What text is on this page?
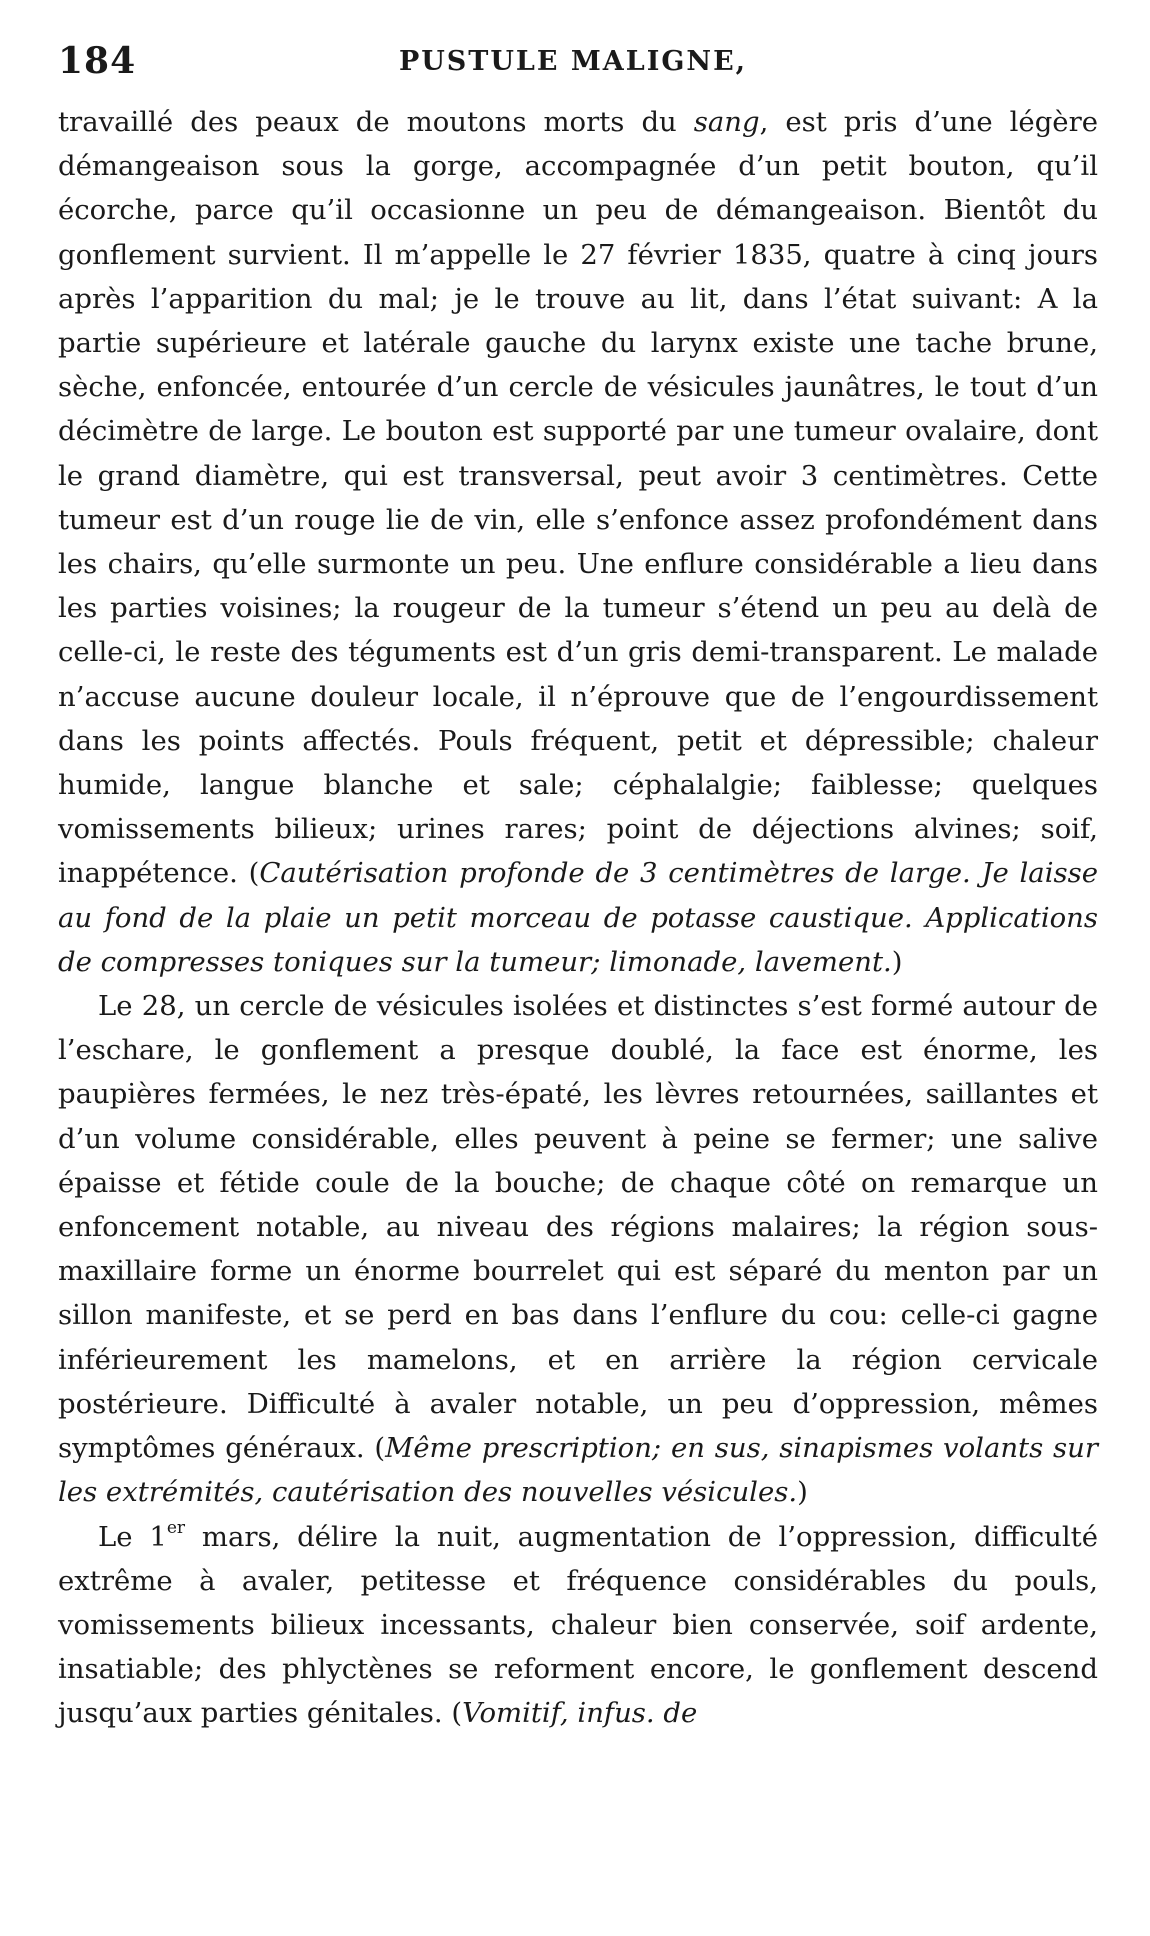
184	PUSTULE MALIGNE,

travaillé des peaux de moutons morts du sang, est pris d’une légère démangeaison sous la gorge, accompagnée d’un petit bouton, qu’il écorche, parce qu’il occasionne un peu de démangeaison. Bientôt du gonflement survient. Il m’appelle le 27 février 1835, quatre à cinq jours après l’apparition du mal; je le trouve au lit, dans l’état suivant: A la partie supérieure et latérale gauche du larynx existe une tache brune, sèche, enfoncée, entourée d’un cercle de vésicules jaunâtres, le tout d’un décimètre de large. Le bouton est supporté par une tumeur ovalaire, dont le grand diamètre, qui est transversal, peut avoir 3 centimètres. Cette tumeur est d’un rouge lie de vin, elle s’enfonce assez profondément dans les chairs, qu’elle surmonte un peu. Une enflure considérable a lieu dans les parties voisines; la rougeur de la tumeur s’étend un peu au delà de celle-ci, le reste des téguments est d’un gris demi-transparent. Le malade n’accuse aucune douleur locale, il n’éprouve que de l’engourdissement dans les points affectés. Pouls fréquent, petit et dépressible; chaleur humide, langue blanche et sale; céphalalgie; faiblesse; quelques vomissements bilieux; urines rares; point de déjections alvines; soif, inappétence. (Cautérisation profonde de 3 centimètres de large. Je laisse au fond de la plaie un petit morceau de potasse caustique. Applications de compresses toniques sur la tumeur; limonade, lavement.)

Le 28, un cercle de vésicules isolées et distinctes s’est formé autour de l’eschare, le gonflement a presque doublé, la face est énorme, les paupières fermées, le nez très-épaté, les lèvres retournées, saillantes et d’un volume considérable, elles peuvent à peine se fermer; une salive épaisse et fétide coule de la bouche; de chaque côté on remarque un enfoncement notable, au niveau des régions malaires; la région sous-maxillaire forme un énorme bourrelet qui est séparé du menton par un sillon manifeste, et se perd en bas dans l’enflure du cou: celle-ci gagne inférieurement les mamelons, et en arrière la région cervicale postérieure. Difficulté à avaler notable, un peu d’oppression, mêmes symptômes généraux. (Même prescription; en sus, sinapismes volants sur les extrémités, cautérisation des nouvelles vésicules.)

Le 1er mars, délire la nuit, augmentation de l’oppression, difficulté extrême à avaler, petitesse et fréquence considérables du pouls, vomissements bilieux incessants, chaleur bien conservée, soif ardente, insatiable; des phlyctènes se reforment encore, le gonflement descend jusqu’aux parties génitales. (Vomitif, infus. de
